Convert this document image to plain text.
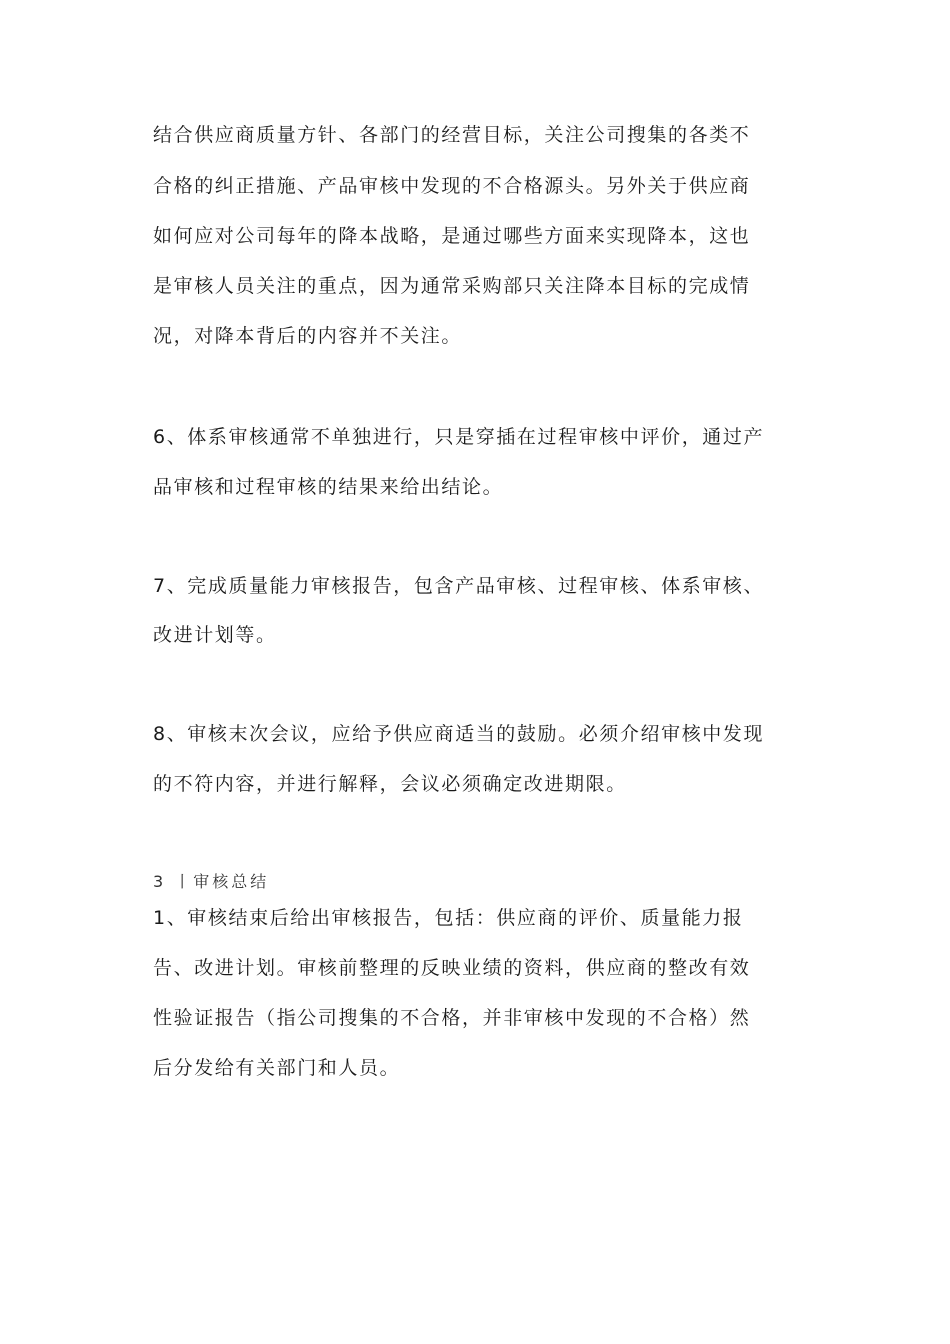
结合供应商质量方针、各部门的经营目标，关注公司搜集的各类不
合格的纠正措施、产品审核中发现的不合格源头。另外关于供应商
如何应对公司每年的降本战略，是通过哪些方面来实现降本，这也
是审核人员关注的重点，因为通常采购部只关注降本目标的完成情
况，对降本背后的内容并不关注。
6、体系审核通常不单独进行，只是穿插在过程审核中评价，通过产
品审核和过程审核的结果来给出结论。
7、完成质量能力审核报告，包含产品审核、过程审核、体系审核、
改进计划等。
8、审核末次会议，应给予供应商适当的鼓励。必须介绍审核中发现
的不符内容，并进行解释，会议必须确定改进期限。
3 丨审核总结
1、审核结束后给出审核报告，包括：供应商的评价、质量能力报
告、改进计划。审核前整理的反映业绩的资料，供应商的整改有效
性验证报告（指公司搜集的不合格，并非审核中发现的不合格）然
后分发给有关部门和人员。
